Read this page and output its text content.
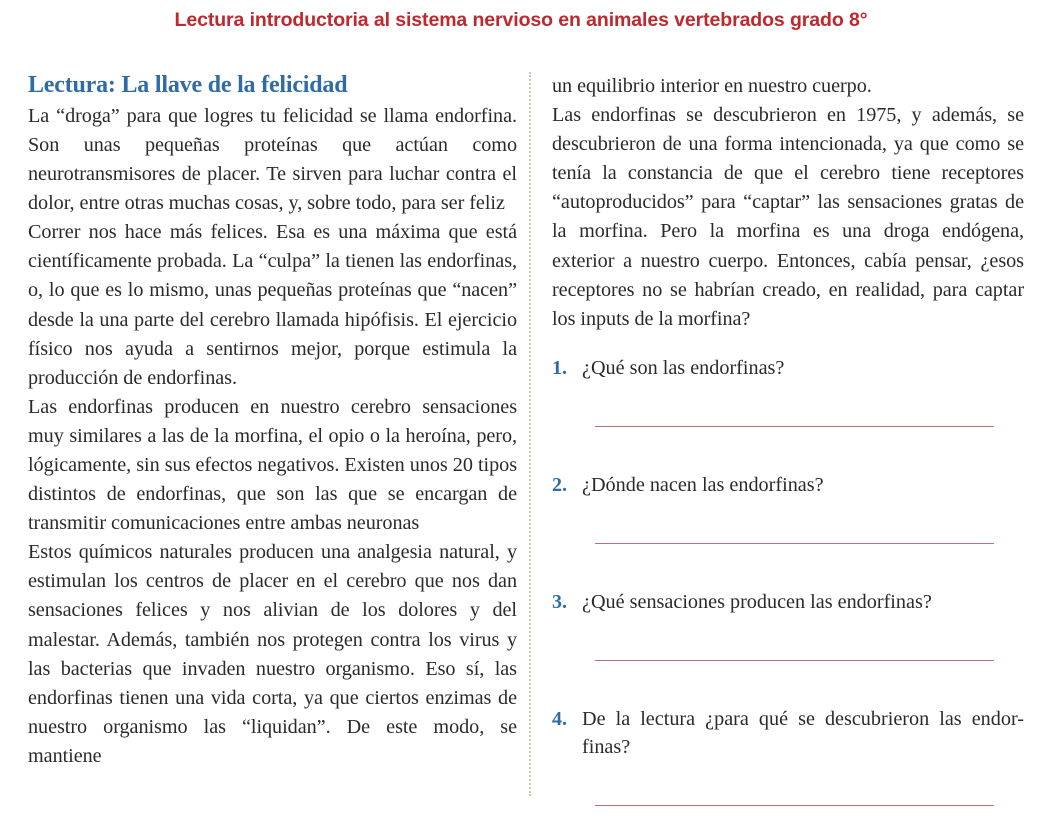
Lectura introductoria al sistema nervioso en animales vertebrados grado 8°
Lectura: La llave de la felicidad

La “droga” para que logres tu felicidad se llama endorfina. Son unas pequeñas proteínas que actúan como neurotransmisores de placer. Te sirven para luchar contra el dolor, entre otras muchas cosas, y, sobre todo, para ser feliz

Correr nos hace más felices. Esa es una máxima que está científicamente probada. La “culpa” la tienen las endorfinas, o, lo que es lo mismo, unas pequeñas proteínas que “nacen” desde la una parte del cerebro llamada hipófisis. El ejercicio físico nos ayuda a sentirnos mejor, porque estimula la producción de endorfinas.

Las endorfinas producen en nuestro cerebro sensaciones muy similares a las de la morfina, el opio o la heroína, pero, lógicamente, sin sus efectos negativos. Existen unos 20 tipos distintos de endorfinas, que son las que se encargan de transmitir comunicaciones entre ambas neuronas

Estos químicos naturales producen una analgesia natural, y estimulan los centros de placer en el cerebro que nos dan sensaciones felices y nos alivian de los dolores y del malestar. Además, también nos protegen contra los virus y las bacterias que invaden nuestro organismo. Eso sí, las endorfinas tienen una vida corta, ya que ciertos enzimas de nuestro organismo las “liquidan”. De este modo, se mantiene

un equilibrio interior en nuestro cuerpo.

Las endorfinas se descubrieron en 1975, y además, se descubrieron de una forma intencionada, ya que como se tenía la constancia de que el cerebro tiene receptores “autoproducidos” para “captar” las sensaciones gratas de la morfina. Pero la morfina es una droga endógena, exterior a nuestro cuerpo. Entonces, cabía pensar, ¿esos receptores no se habrían creado, en realidad, para captar los inputs de la morfina?

1. ¿Qué son las endorfinas?
2. ¿Dónde nacen las endorfinas?
3. ¿Qué sensaciones producen las endorfinas?
4. De la lectura ¿para qué se descubrieron las endor-finas?
